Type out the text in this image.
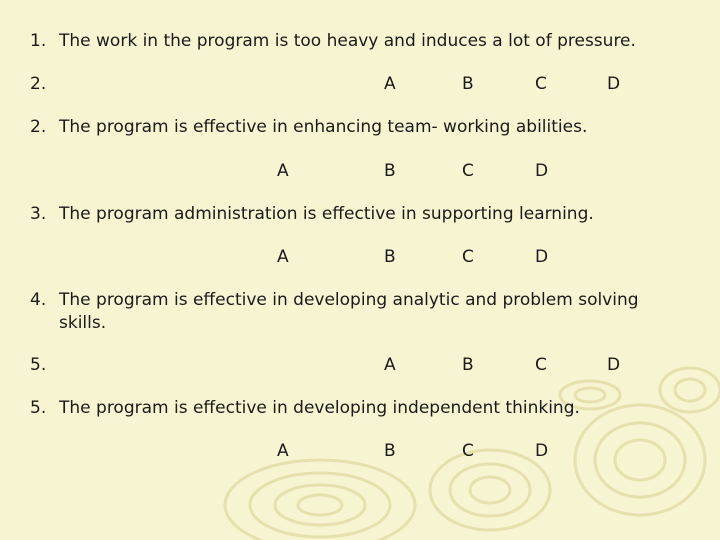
1. The work in the program is too heavy and induces a lot of pressure.
2.	A	B	C	D
2. The program is effective in enhancing team- working abilities.
A	B	C	D
3. The program administration is effective in supporting learning.
A	B	C	D
4. The program is effective in developing analytic and problem solving
skills.
5.	A	B	C	D
5. The program is effective in developing independent thinking.
A	B	C	D
